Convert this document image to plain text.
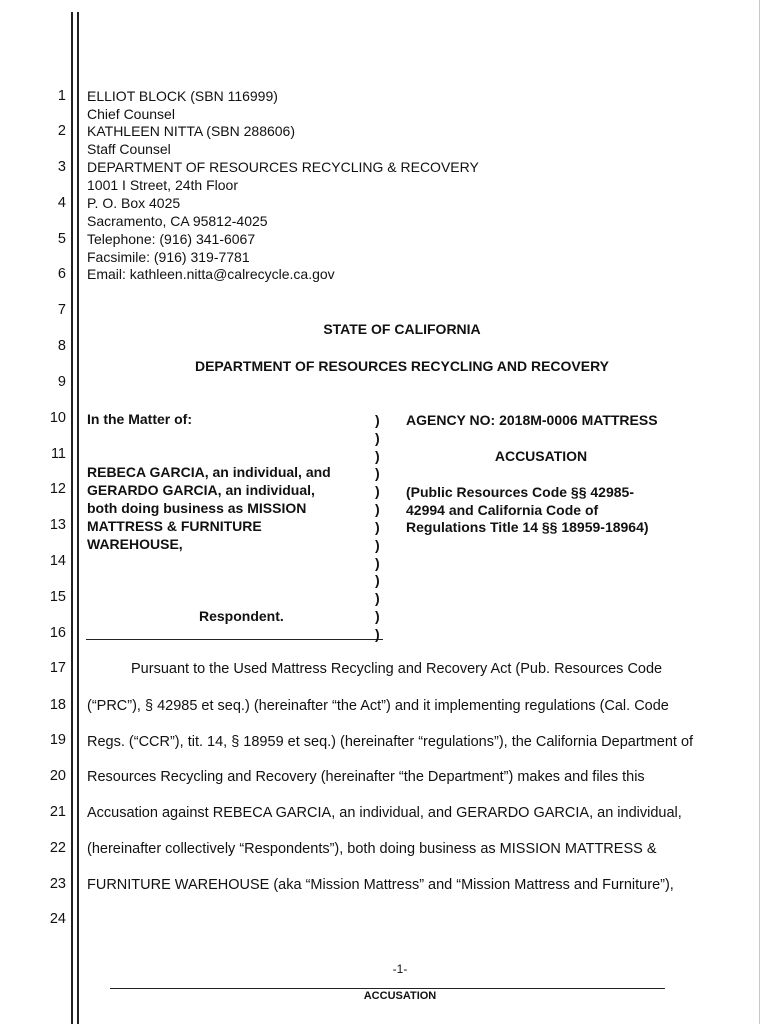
1
2
3
4
5
6
7
8
9
10
11
12
13
14
15
16
17
18
19
20
21
22
23
24
ELLIOT BLOCK (SBN 116999)
Chief Counsel
KATHLEEN NITTA (SBN 288606)
Staff Counsel
DEPARTMENT OF RESOURCES RECYCLING & RECOVERY
1001 I Street, 24th Floor
P. O. Box 4025
Sacramento, CA 95812-4025
Telephone: (916) 341-6067
Facsimile: (916) 319-7781
Email: kathleen.nitta@calrecycle.ca.gov
STATE OF CALIFORNIA
DEPARTMENT OF RESOURCES RECYCLING AND RECOVERY
In the Matter of:
REBECA GARCIA, an individual, and
GERARDO GARCIA, an individual,
both doing business as MISSION
MATTRESS & FURNITURE
WAREHOUSE,
Respondent.
)
)
)
)
)
)
)
)
)
)
)
)
)
AGENCY NO: 2018M-0006 MATTRESS
ACCUSATION
(Public Resources Code §§ 42985-
42994 and California Code of
Regulations Title 14 §§ 18959-18964)
Pursuant to the Used Mattress Recycling and Recovery Act (Pub. Resources Code
(“PRC”), § 42985 et seq.) (hereinafter “the Act”) and it implementing regulations (Cal. Code
Regs. (“CCR”), tit. 14, § 18959 et seq.) (hereinafter “regulations”), the California Department of
Resources Recycling and Recovery (hereinafter “the Department”) makes and files this
Accusation against REBECA GARCIA, an individual, and GERARDO GARCIA, an individual,
(hereinafter collectively “Respondents”), both doing business as MISSION MATTRESS &
FURNITURE WAREHOUSE (aka “Mission Mattress” and “Mission Mattress and Furniture”),
-1-
ACCUSATION
